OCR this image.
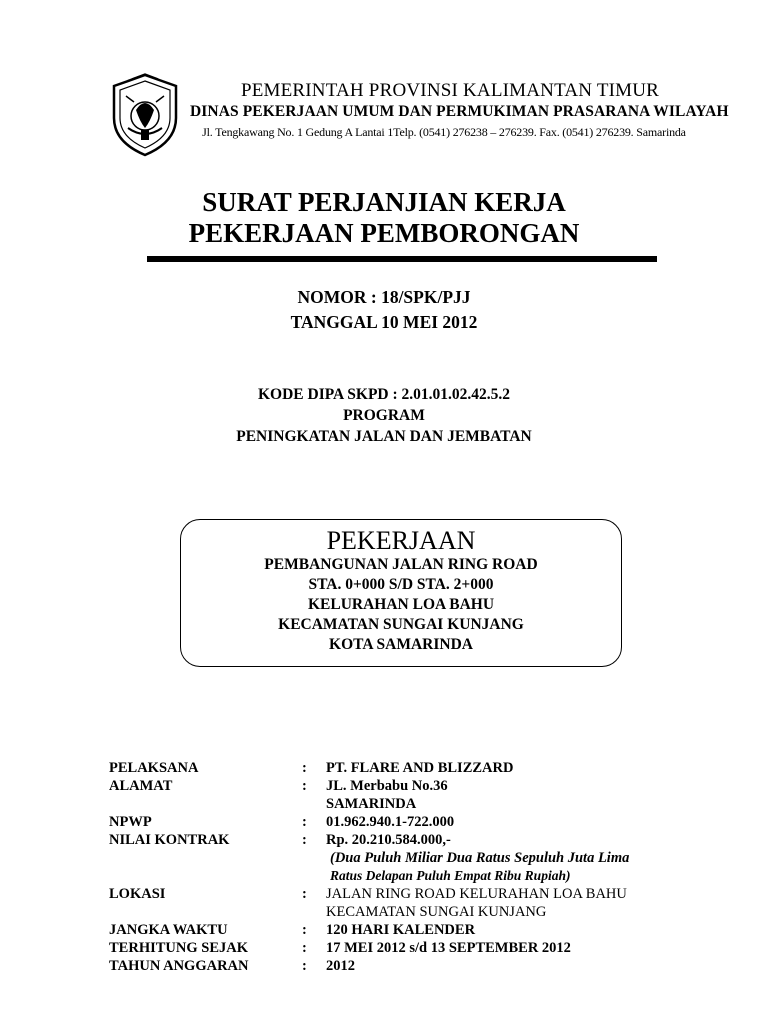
PEMERINTAH PROVINSI KALIMANTAN TIMUR
DINAS PEKERJAAN UMUM DAN PERMUKIMAN PRASARANA WILAYAH
Jl. Tengkawang No. 1 Gedung A Lantai 1Telp. (0541) 276238 – 276239. Fax. (0541) 276239. Samarinda
SURAT PERJANJIAN KERJA
PEKERJAAN PEMBORONGAN
NOMOR : 18/SPK/PJJ
TANGGAL 10 MEI 2012
KODE DIPA SKPD : 2.01.01.02.42.5.2
PROGRAM
PENINGKATAN JALAN DAN JEMBATAN
PEKERJAAN
PEMBANGUNAN JALAN RING ROAD
STA. 0+000 S/D STA. 2+000
KELURAHAN LOA BAHU
KECAMATAN SUNGAI KUNJANG
KOTA SAMARINDA
PELAKSANA	: PT. FLARE AND BLIZZARD
ALAMAT	: JL. Merbabu No.36
SAMARINDA
NPWP	: 01.962.940.1-722.000
NILAI KONTRAK	: Rp. 20.210.584.000,-
(Dua Puluh Miliar Dua Ratus Sepuluh Juta Lima
Ratus Delapan Puluh Empat Ribu Rupiah)
LOKASI	: JALAN RING ROAD KELURAHAN LOA BAHU
KECAMATAN SUNGAI KUNJANG
JANGKA WAKTU	: 120 HARI KALENDER
TERHITUNG SEJAK	: 17 MEI 2012 s/d 13 SEPTEMBER 2012
TAHUN ANGGARAN	: 2012
